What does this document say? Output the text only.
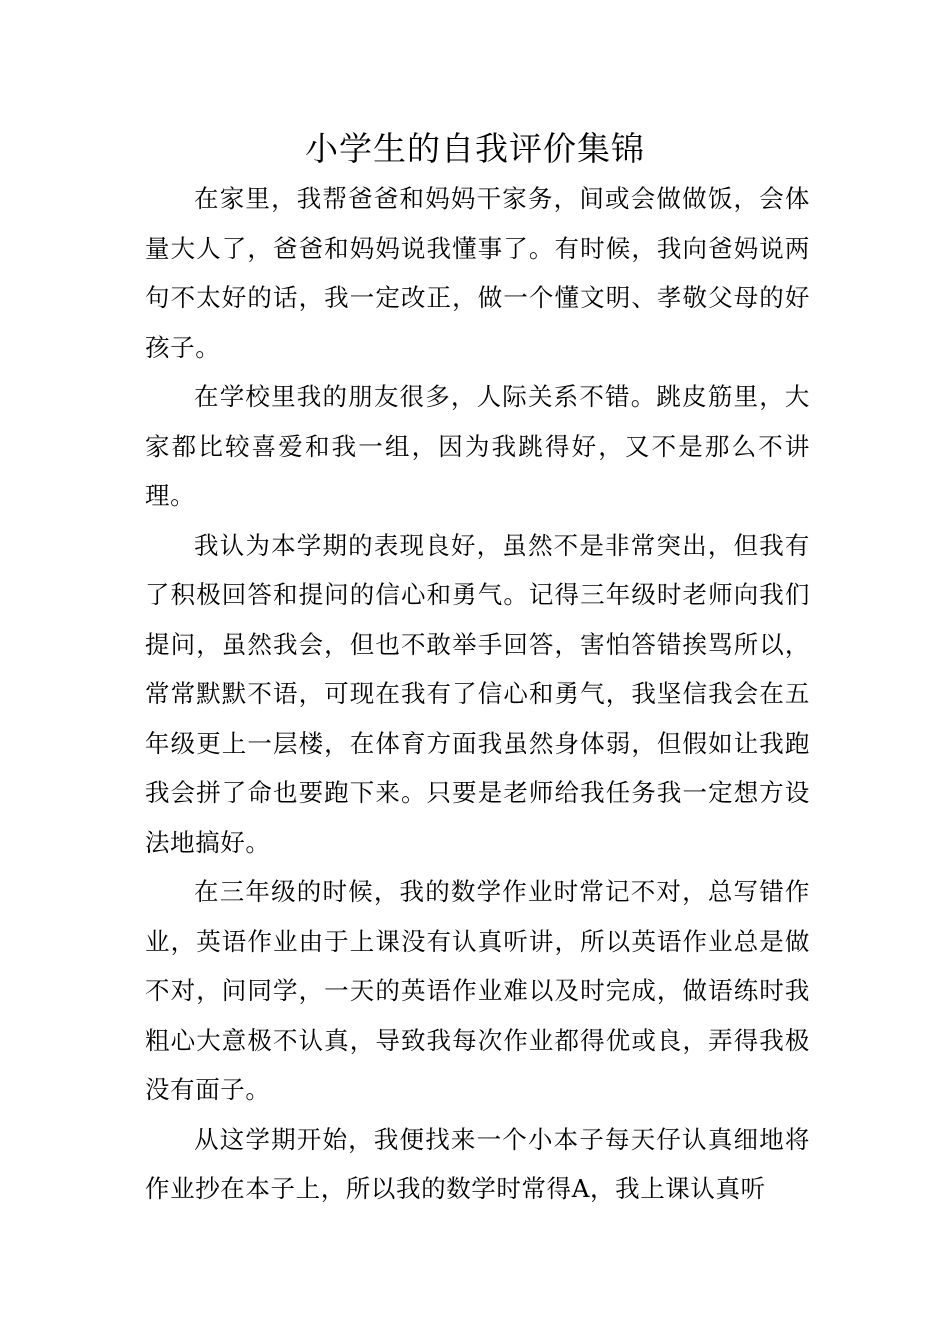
小学生的自我评价集锦

在家里，我帮爸爸和妈妈干家务，间或会做做饭，会体量大人了，爸爸和妈妈说我懂事了。有时候，我向爸妈说两句不太好的话，我一定改正，做一个懂文明、孝敬父母的好孩子。

在学校里我的朋友很多，人际关系不错。跳皮筋里，大家都比较喜爱和我一组，因为我跳得好，又不是那么不讲理。

我认为本学期的表现良好，虽然不是非常突出，但我有了积极回答和提问的信心和勇气。记得三年级时老师向我们提问，虽然我会，但也不敢举手回答，害怕答错挨骂所以，常常默默不语，可现在我有了信心和勇气，我坚信我会在五年级更上一层楼，在体育方面我虽然身体弱，但假如让我跑我会拼了命也要跑下来。只要是老师给我任务我一定想方设法地搞好。

在三年级的时候，我的数学作业时常记不对，总写错作业，英语作业由于上课没有认真听讲，所以英语作业总是做不对，问同学，一天的英语作业难以及时完成，做语练时我粗心大意极不认真，导致我每次作业都得优或良，弄得我极没有面子。

从这学期开始，我便找来一个小本子每天仔认真细地将作业抄在本子上，所以我的数学时常得A，我上课认真听
